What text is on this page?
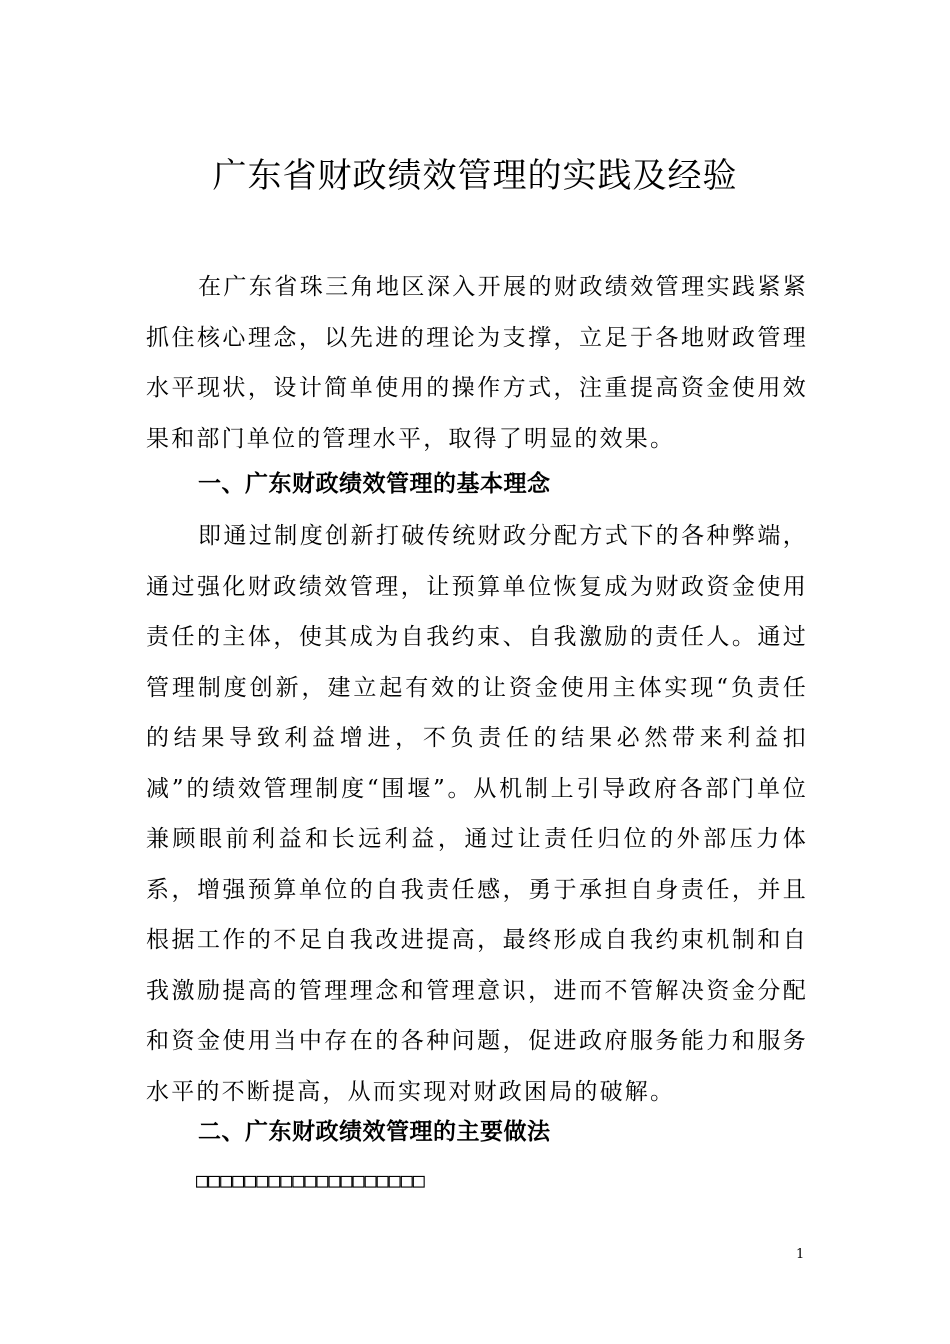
广东省财政绩效管理的实践及经验

在广东省珠三角地区深入开展的财政绩效管理实践紧紧抓住核心理念，以先进的理论为支撑，立足于各地财政管理水平现状，设计简单使用的操作方式，注重提高资金使用效果和部门单位的管理水平，取得了明显的效果。

一、广东财政绩效管理的基本理念

即通过制度创新打破传统财政分配方式下的各种弊端，通过强化财政绩效管理，让预算单位恢复成为财政资金使用责任的主体，使其成为自我约束、自我激励的责任人。通过管理制度创新，建立起有效的让资金使用主体实现“负责任的结果导致利益增进，不负责任的结果必然带来利益扣减”的绩效管理制度“围堰”。从机制上引导政府各部门单位兼顾眼前利益和长远利益，通过让责任归位的外部压力体系，增强预算单位的自我责任感，勇于承担自身责任，并且根据工作的不足自我改进提高，最终形成自我约束机制和自我激励提高的管理理念和管理意识，进而不管解决资金分配和资金使用当中存在的各种问题，促进政府服务能力和服务水平的不断提高，从而实现对财政困局的破解。

二、广东财政绩效管理的主要做法

□□□□□□□□□□□□□□□□□□□

1
